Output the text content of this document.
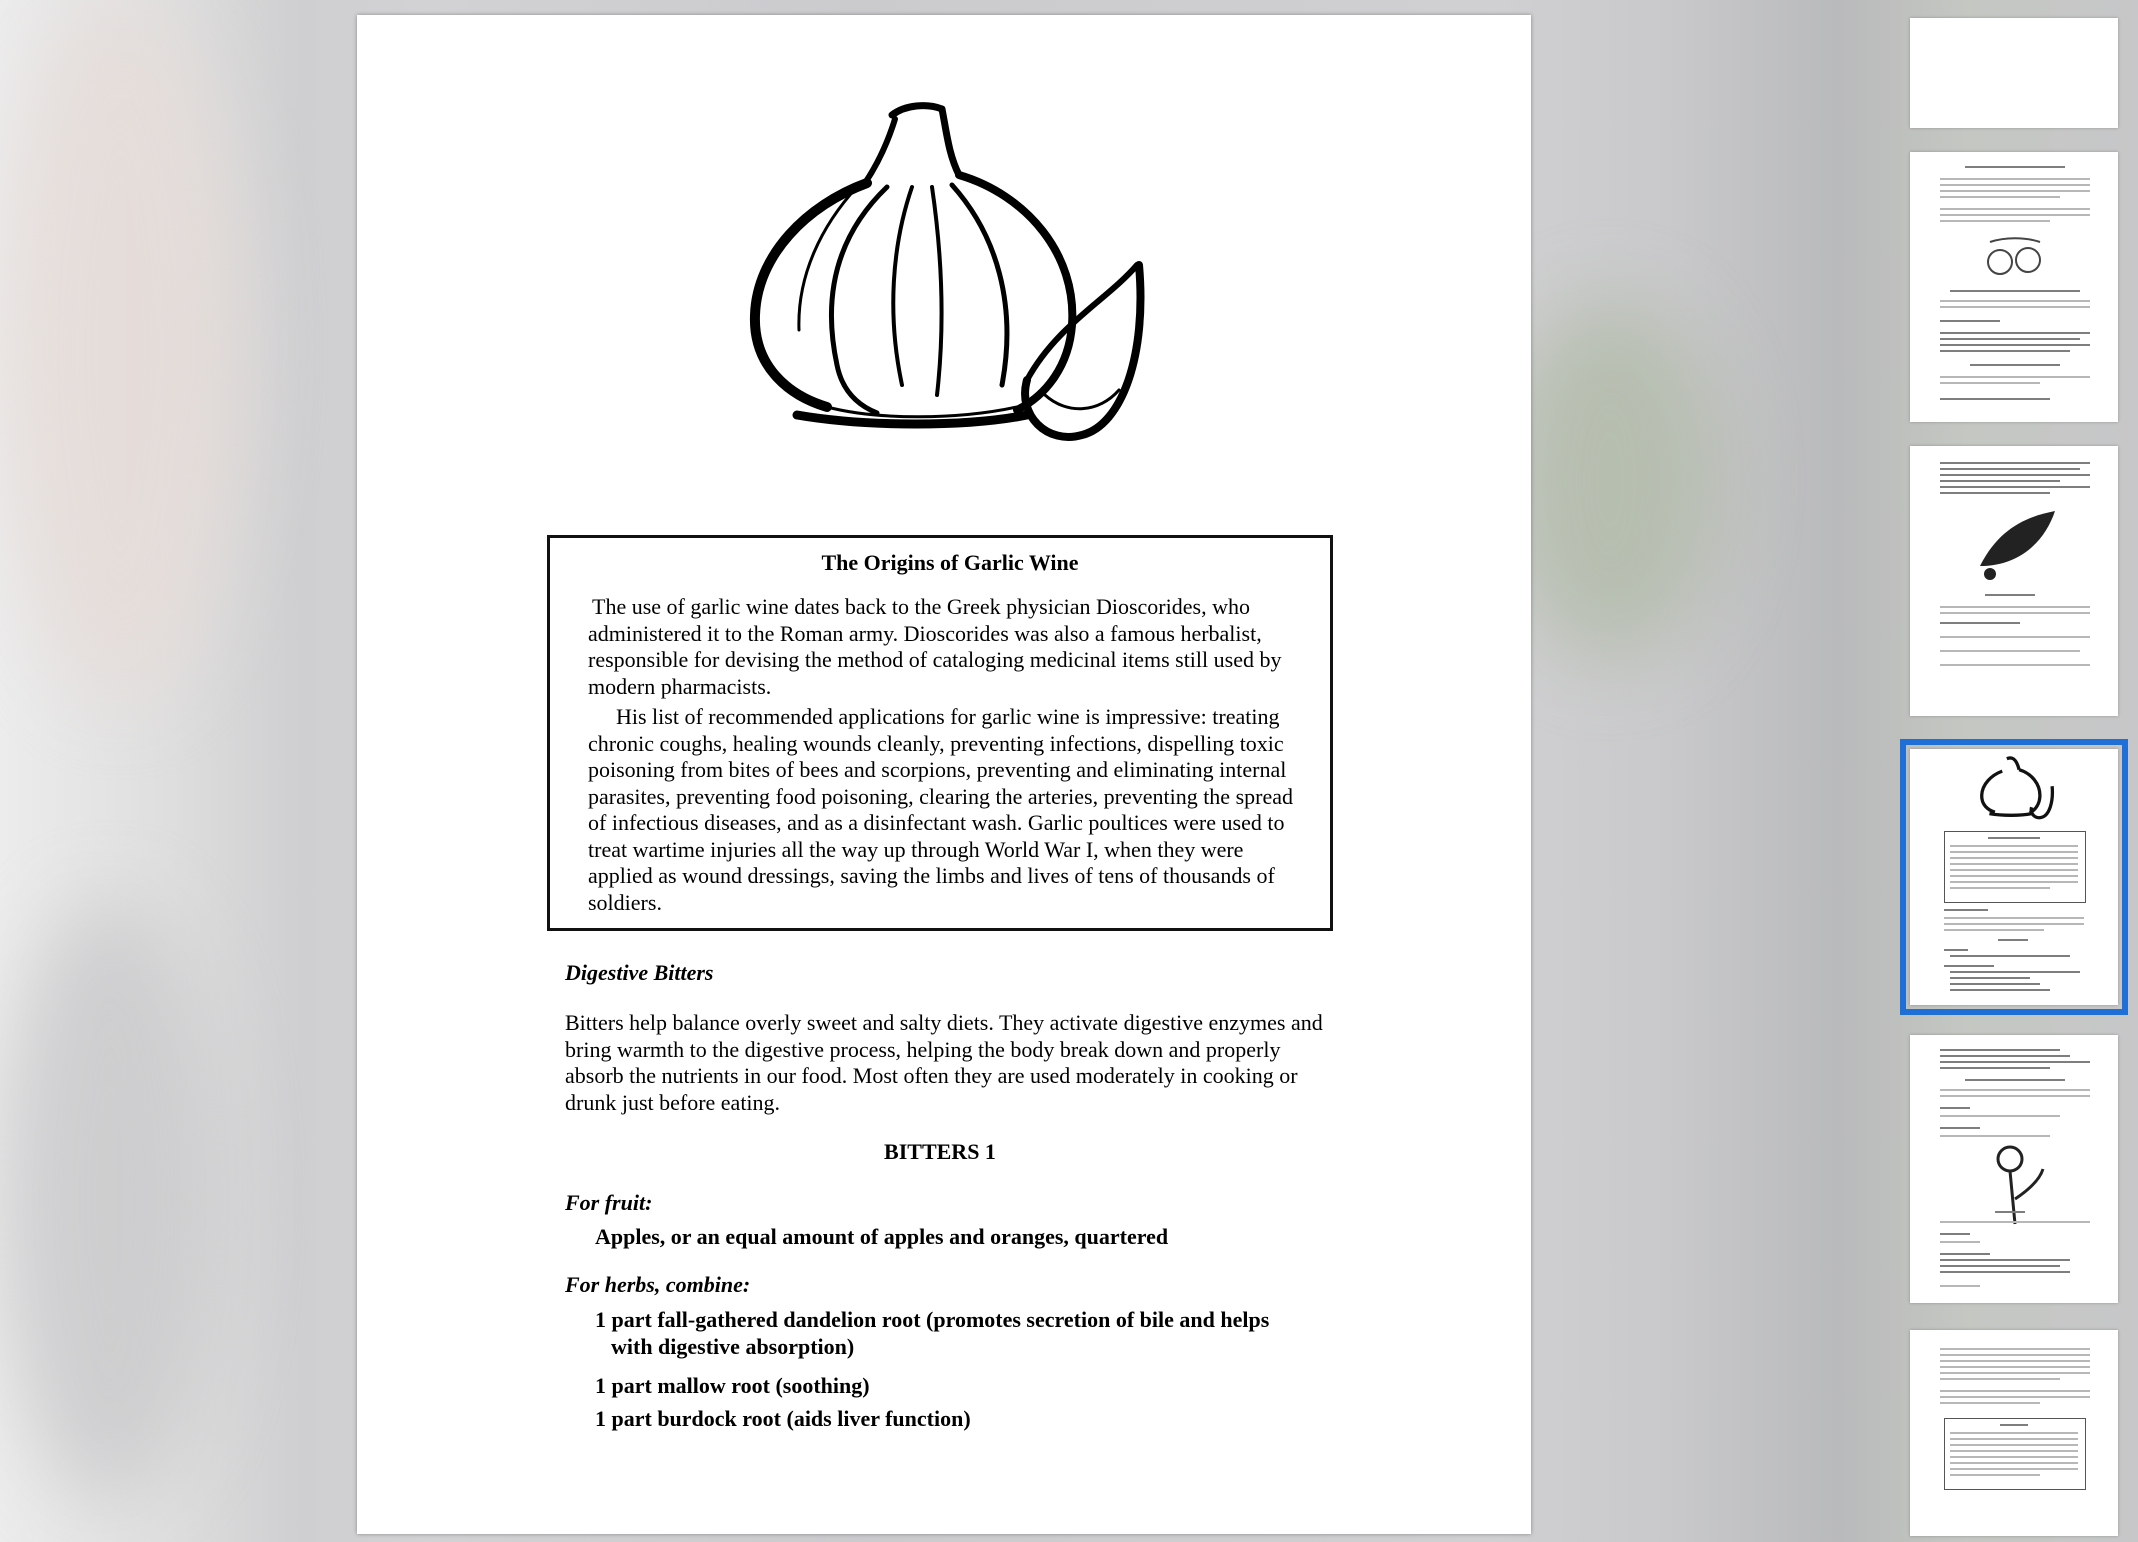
The Origins of Garlic Wine

The use of garlic wine dates back to the Greek physician Dioscorides, who administered it to the Roman army. Dioscorides was also a famous herbalist, responsible for devising the method of cataloging medicinal items still used by modern pharmacists.

His list of recommended applications for garlic wine is impressive: treating chronic coughs, healing wounds cleanly, preventing infections, dispelling toxic poisoning from bites of bees and scorpions, preventing and eliminating internal parasites, preventing food poisoning, clearing the arteries, preventing the spread of infectious diseases, and as a disinfectant wash. Garlic poultices were used to treat wartime injuries all the way up through World War I, when they were applied as wound dressings, saving the limbs and lives of tens of thousands of soldiers.

Digestive Bitters

Bitters help balance overly sweet and salty diets. They activate digestive enzymes and bring warmth to the digestive process, helping the body break down and properly absorb the nutrients in our food. Most often they are used moderately in cooking or drunk just before eating.

BITTERS 1
For fruit:
Apples, or an equal amount of apples and oranges, quartered
For herbs, combine:
1 part fall-gathered dandelion root (promotes secretion of bile and helps
with digestive absorption)
1 part mallow root (soothing)
1 part burdock root (aids liver function)
